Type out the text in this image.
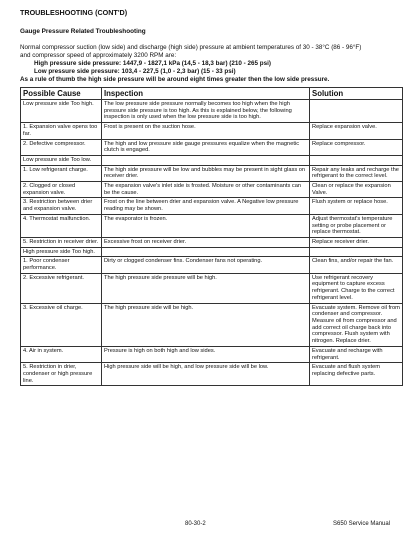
TROUBLESHOOTING (CONT'D)
Gauge Pressure Related Troubleshooting
Normal compressor suction (low side) and discharge (high side) pressure at ambient temperatures of 30 - 38°C (86 - 96°F)
and compressor speed of approximately 3200 RPM are:
High pressure side pressure: 1447,9 - 1827,1 kPa (14,5 - 18,3 bar) (210 - 265 psi)
Low pressure side pressure: 103,4 - 227,5 (1,0 - 2,3 bar) (15 - 33 psi)
As a rule of thumb the high side pressure will be around eight times greater then the low side pressure.
Possible Cause	Inspection	Solution
Low pressure side Too high.	The low pressure side pressure normally becomes too high when the high pressure side pressure is too high. As this is explained below, the following inspection is only used when the low pressure side is too high.	
1. Expansion valve opens too far.	Frost is present on the suction hose.	Replace expansion valve.
2. Defective compressor.	The high and low pressure side gauge pressures equalize when the magnetic clutch is engaged.	Replace compressor.
Low pressure side Too low.		
1. Low refrigerant charge.	The high side pressure will be low and bubbles may be present in sight glass on receiver drier.	Repair any leaks and recharge the refrigerant to the correct level.
2. Clogged or closed expansion valve.	The expansion valve's inlet side is frosted. Moisture or other contaminants can be the cause.	Clean or replace the expansion Valve.
3. Restriction between drier and expansion valve.	Frost on the line between drier and expansion valve. A Negative low pressure reading may be shown.	Flush system or replace hose.
4. Thermostat malfunction.	The evaporator is frozen.	Adjust thermostat's temperature setting or probe placement or replace thermostat.
5. Restriction in receiver drier.	Excessive frost on receiver drier.	Replace receiver drier.
High pressure side Too high.		
1. Poor condenser performance.	Dirty or clogged condenser fins. Condenser fans not operating.	Clean fins, and/or repair the fan.
2. Excessive refrigerant.	The high pressure side pressure will be high.	Use refrigerant recovery equipment to capture excess refrigerant. Charge to the correct refrigerant level.
3. Excessive oil charge.	The high pressure side will be high.	Evacuate system. Remove oil from condenser and compressor. Measure oil from compressor and add correct oil charge back into compressor. Flush system with nitrogen. Replace drier.
4. Air in system.	Pressure is high on both high and low sides.	Evacuate and recharge with refrigerant.
5. Restriction in drier, condenser or high pressure line.	High pressure side will be high, and low pressure side will be low.	Evacuate and flush system replacing defective parts.
80-30-2	S650 Service Manual
